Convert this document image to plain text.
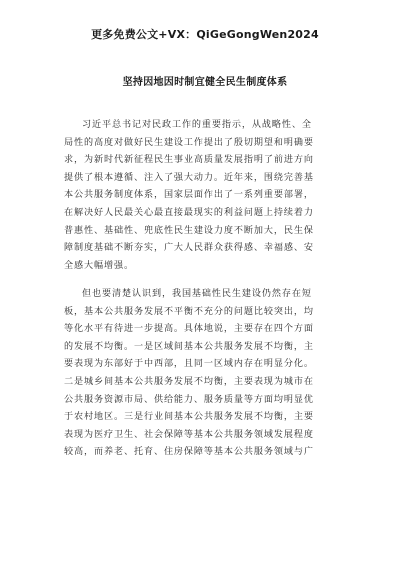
更多免费公文+VX：QiGeGongWen2024
坚持因地因时制宜健全民生制度体系

习近平总书记对民政工作的重要指示，从战略性、全
局性的高度对做好民生建设工作提出了殷切期望和明确要
求，为新时代新征程民生事业高质量发展指明了前进方向
提供了根本遵循、注入了强大动力。近年来，围绕完善基
本公共服务制度体系，国家层面作出了一系列重要部署，
在解决好人民最关心最直接最现实的利益问题上持续着力
普惠性、基础性、兜底性民生建设力度不断加大，民生保
障制度基础不断夯实，广大人民群众获得感、幸福感、安
全感大幅增强。

但也要清楚认识到，我国基础性民生建设仍然存在短
板，基本公共服务发展不平衡不充分的问题比较突出，均
等化水平有待进一步提高。具体地说，主要存在四个方面
的发展不均衡。一是区域间基本公共服务发展不均衡，主
要表现为东部好于中西部，且同一区域内存在明显分化。
二是城乡间基本公共服务发展不均衡，主要表现为城市在
公共服务资源市局、供给能力、服务质量等方面均明显优
于农村地区。三是行业间基本公共服务发展不均衡，主要
表现为医疗卫生、社会保障等基本公共服务领域发展程度
较高，而养老、托育、住房保障等基本公共服务领域与广
